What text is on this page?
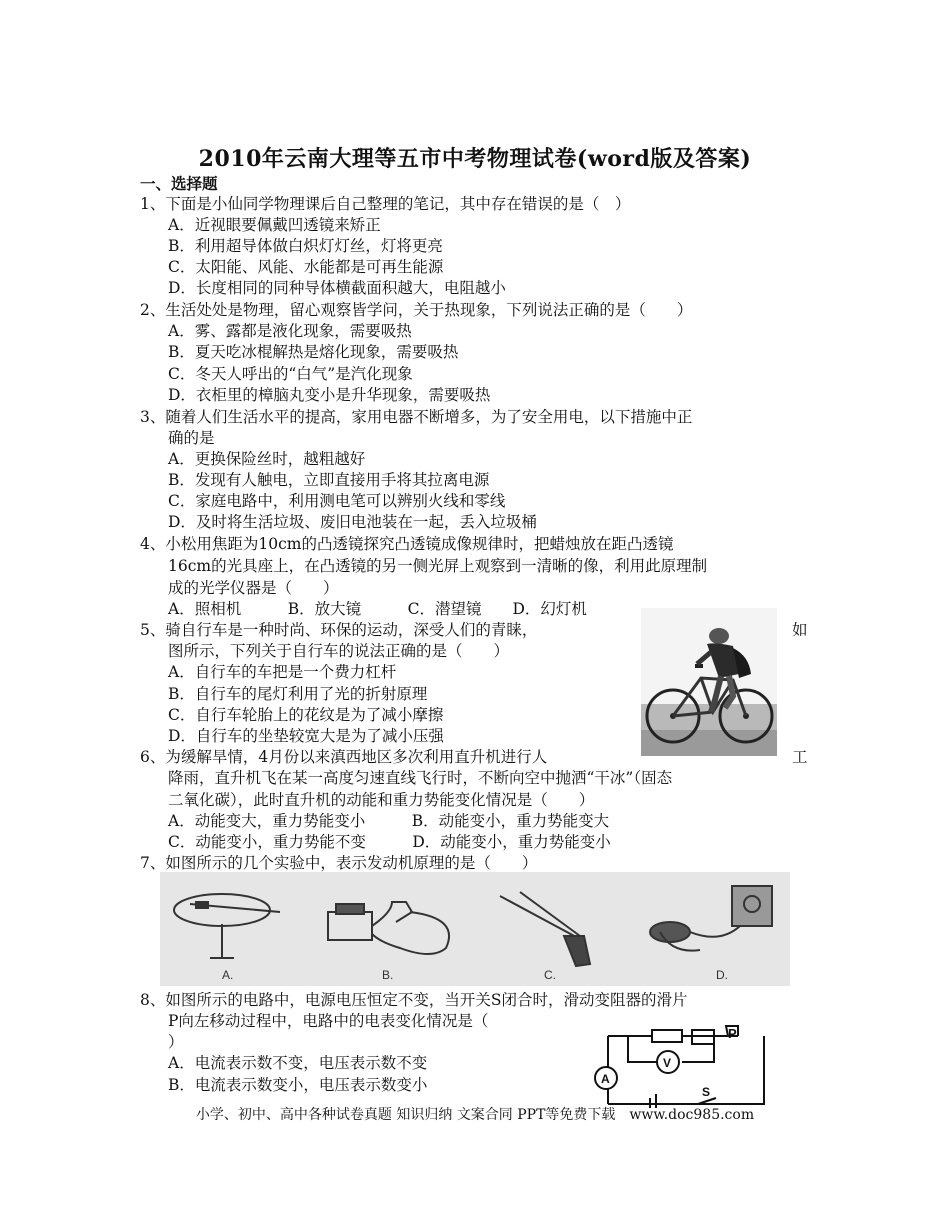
2010年云南大理等五市中考物理试卷(word版及答案)
一、选择题
1、下面是小仙同学物理课后自己整理的笔记，其中存在错误的是（　）
A．近视眼要佩戴凹透镜来矫正
B．利用超导体做白炽灯灯丝，灯将更亮
C．太阳能、风能、水能都是可再生能源
D．长度相同的同种导体横截面积越大，电阻越小
2、生活处处是物理，留心观察皆学问，关于热现象，下列说法正确的是（　　）
A．雾、露都是液化现象，需要吸热
B．夏天吃冰棍解热是熔化现象，需要吸热
C．冬天人呼出的“白气”是汽化现象
D．衣柜里的樟脑丸变小是升华现象，需要吸热
3、随着人们生活水平的提高，家用电器不断增多，为了安全用电，以下措施中正
确的是
A．更换保险丝时，越粗越好
B．发现有人触电，立即直接用手将其拉离电源
C．家庭电路中，利用测电笔可以辨别火线和零线
D．及时将生活垃圾、废旧电池装在一起，丢入垃圾桶
4、小松用焦距为10cm的凸透镜探究凸透镜成像规律时，把蜡烛放在距凸透镜
16cm的光具座上，在凸透镜的另一侧光屏上观察到一清晰的像，利用此原理制
成的光学仪器是（　　）
A．照相机　　　B．放大镜　　　C．潜望镜　　D．幻灯机
5、骑自行车是一种时尚、环保的运动，深受人们的青睐，	如
图所示，下列关于自行车的说法正确的是（　　）
A．自行车的车把是一个费力杠杆
B．自行车的尾灯利用了光的折射原理
C．自行车轮胎上的花纹是为了减小摩擦
D．自行车的坐垫较宽大是为了减小压强
6、为缓解旱情，4月份以来滇西地区多次利用直升机进行人	工
降雨，直升机飞在某一高度匀速直线飞行时，不断向空中抛洒“干冰”（固态
二氧化碳），此时直升机的动能和重力势能变化情况是（　　）
A．动能变大，重力势能变小　　　B．动能变小，重力势能变大
C．动能变小，重力势能不变　　　D．动能变小，重力势能变小
7、如图所示的几个实验中，表示发动机原理的是（　　）
A.	B.	C.	D.
8、如图所示的电路中，电源电压恒定不变，当开关S闭合时，滑动变阻器的滑片
P向左移动过程中，电路中的电表变化情况是（
）
A．电流表示数不变，电压表示数不变
B．电流表示数变小，电压表示数变小
P
V
A
S
小学、初中、高中各种试卷真题 知识归纳 文案合同 PPT等免费下载　www.doc985.com
